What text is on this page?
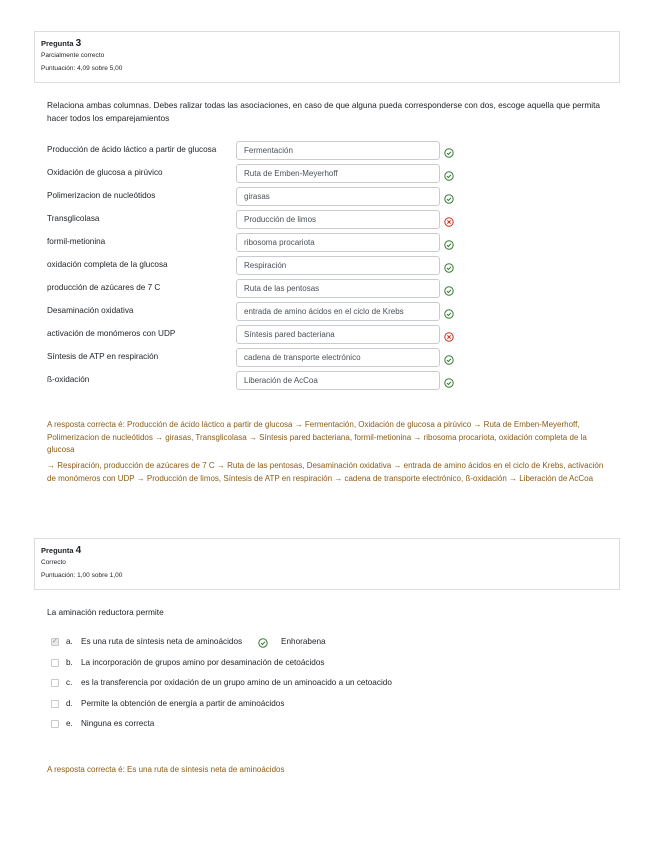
Pregunta 3
Parcialmente correcto
Puntuación: 4,09 sobre 5,00
Relaciona ambas columnas. Debes ralizar todas las asociaciones, en caso de que alguna pueda corresponderse con dos, escoge aquella que permita hacer todos los emparejamientos
Producción de ácido láctico a partir de glucosa	Fermentación
Oxidación de glucosa a pirúvico	Ruta de Emben-Meyerhoff
Polimerizacion de nucleótidos	girasas
Transglicolasa	Producción de limos
formil-metionina	ribosoma procariota
oxidación completa de la glucosa	Respiración
producción de azúcares de 7 C	Ruta de las pentosas
Desaminación oxidativa	entrada de amino ácidos en el ciclo de Krebs
activación de monómeros con UDP	Síntesis pared bacteriana
Síntesis de ATP en respiración	cadena de transporte electrónico
ß-oxidación	Liberación de AcCoa
A resposta correcta é: Producción de ácido láctico a partir de glucosa → Fermentación, Oxidación de glucosa a pirúvico → Ruta de Emben-Meyerhoff, Polimerizacion de nucleótidos → girasas, Transglicolasa → Síntesis pared bacteriana, formil-metionina → ribosoma procariota, oxidación completa de la glucosa
→ Respiración, producción de azúcares de 7 C → Ruta de las pentosas, Desaminación oxidativa → entrada de amino ácidos en el ciclo de Krebs, activación de monómeros con UDP → Producción de limos, Síntesis de ATP en respiración → cadena de transporte electrónico, ß-oxidación → Liberación de AcCoa
Pregunta 4
Correcto
Puntuación: 1,00 sobre 1,00
La aminación reductora permite
✓
a. Es una ruta de síntesis neta de aminoácidos	Enhorabena
b. La incorporación de grupos amino por desaminación de cetoácidos
c. es la transferencia por oxidación de un grupo amino de un aminoacido a un cetoacido
d. Permite la obtención de energía a partir de aminoácidos
e. Ninguna es correcta
A resposta correcta é: Es una ruta de síntesis neta de aminoácidos
